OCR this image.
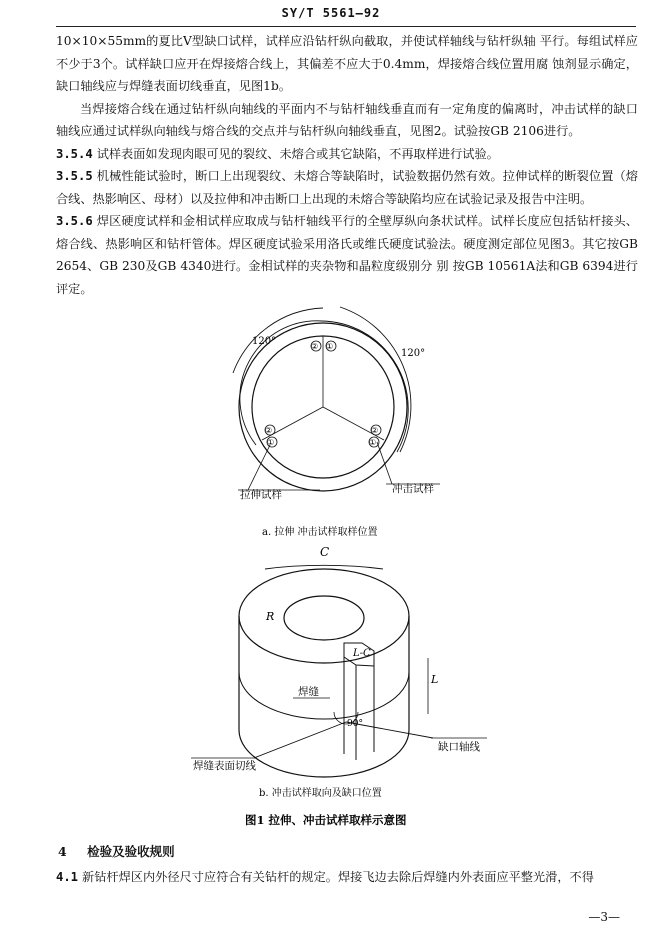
SY/T 5561—92

10×10×55mm的夏比V型缺口试样，试样应沿钻杆纵向截取，并使试样轴线与钻杆纵轴 平行。每组试样应不少于3个。试样缺口应开在焊接熔合线上，其偏差不应大于0.4mm，焊接熔合线位置用腐 蚀剂显示确定，缺口轴线应与焊缝表面切线垂直，见图1b。

当焊接熔合线在通过钻杆纵向轴线的平面内不与钻杆轴线垂直而有一定角度的偏离时，冲击试样的缺口轴线应通过试样纵向轴线与熔合线的交点并与钻杆纵向轴线垂直，见图2。试验按GB 2106进行。

3.5.4 试样表面如发现肉眼可见的裂纹、未熔合或其它缺陷，不再取样进行试验。

3.5.5 机械性能试验时，断口上出现裂纹、未熔合等缺陷时，试验数据仍然有效。拉伸试样的断裂位置（熔合线、热影响区、母材）以及拉伸和冲击断口上出现的未熔合等缺陷均应在试验记录及报告中注明。

3.5.6 焊区硬度试样和金相试样应取成与钻杆轴线平行的全壁厚纵向条状试样。试样长度应包括钻杆接头、熔合线、热影响区和钻杆管体。焊区硬度试验采用洛氏或维氏硬度试验法。硬度测定部位见图3。其它按GB 2654、GB 230及GB 4340进行。金相试样的夹杂物和晶粒度级别分 别 按GB 10561A法和GB 6394进行评定。

120°
120°
② ①
②
①
②
①
拉伸试样	冲击试样
a. 拉伸 冲击试样取样位置
C
R
L-C
L
焊缝
90°
缺口轴线
焊缝表面切线
b. 冲击试样取向及缺口位置
图1 拉伸、冲击试样取样示意图
4 检验及验收规则

4.1 新钻杆焊区内外径尺寸应符合有关钻杆的规定。焊接飞边去除后焊缝内外表面应平整光滑，不得

—3—
